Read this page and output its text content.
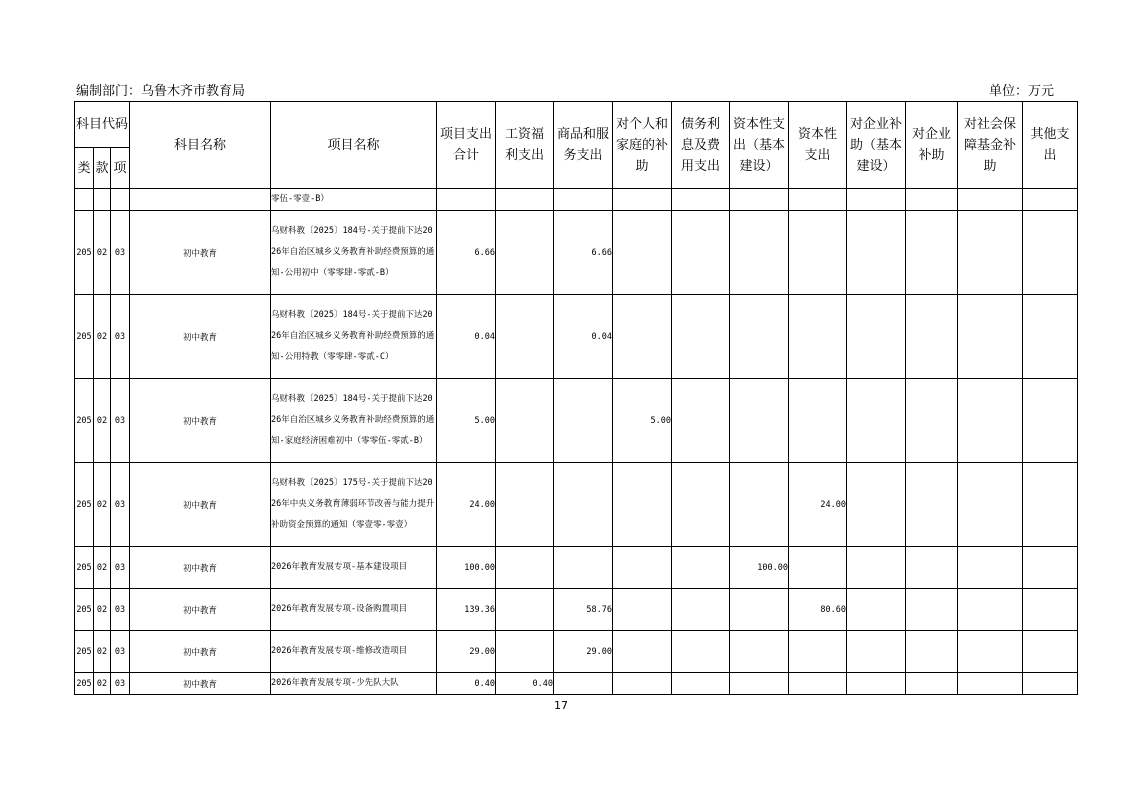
编制部门：乌鲁木齐市教育局	单位：万元
科目代码			科目名称	项目名称	项目支出合计	工资福利支出	商品和服务支出	对个人和家庭的补助	债务利息及费用支出	资本性支出（基本建设）	资本性支出	对企业补助（基本建设）	对企业补助	对社会保障基金补助	其他支出

类	款	项													
				零伍-零壹-B）											
205	02	03	初中教育	乌财科教〔2025〕184号-关于提前下达2026年自治区城乡义务教育补助经费预算的通知-公用初中（零零肆-零贰-B）	6.66		6.66								
205	02	03	初中教育	乌财科教〔2025〕184号-关于提前下达2026年自治区城乡义务教育补助经费预算的通知-公用特教（零零肆-零贰-C）	0.04		0.04								
205	02	03	初中教育	乌财科教〔2025〕184号-关于提前下达2026年自治区城乡义务教育补助经费预算的通知-家庭经济困难初中（零零伍-零贰-B）	5.00			5.00							
205	02	03	初中教育	乌财科教〔2025〕175号-关于提前下达2026年中央义务教育薄弱环节改善与能力提升补助资金预算的通知（零壹零-零壹）	24.00						24.00				
205	02	03	初中教育	2026年教育发展专项-基本建设项目	100.00					100.00					
205	02	03	初中教育	2026年教育发展专项-设备购置项目	139.36		58.76				80.60				
205	02	03	初中教育	2026年教育发展专项-维修改造项目	29.00		29.00								
205	02	03	初中教育	2026年教育发展专项-少先队大队	0.40	0.40									
17
